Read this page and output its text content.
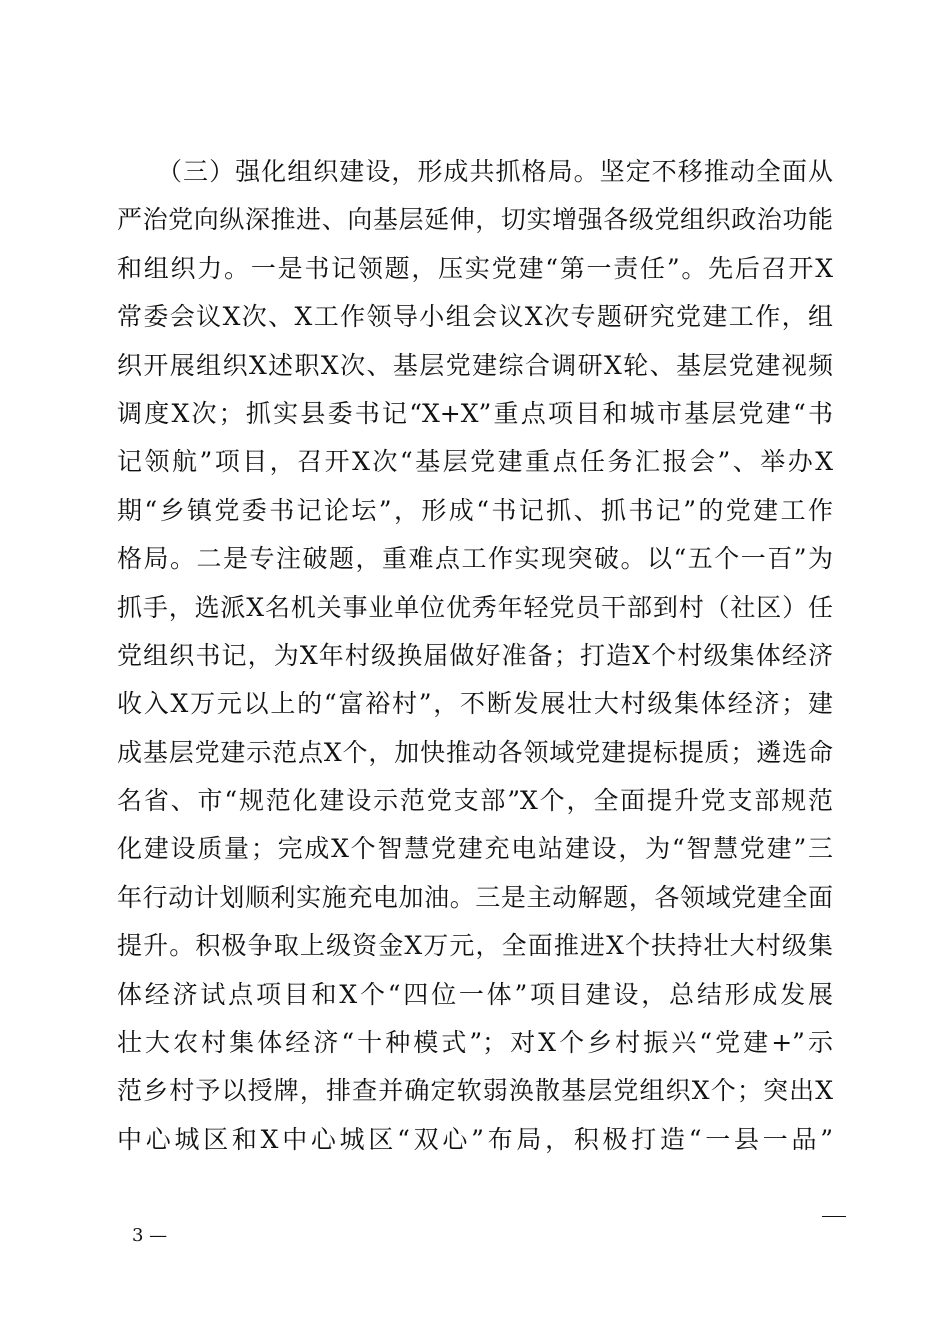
（三）强化组织建设，形成共抓格局。坚定不移推动全面从
严治党向纵深推进、向基层延伸，切实增强各级党组织政治功能
和组织力。一是书记领题，压实党建“第一责任”。先后召开X
常委会议X次、X工作领导小组会议X次专题研究党建工作，组
织开展组织X述职X次、基层党建综合调研X轮、基层党建视频
调度X次；抓实县委书记“X+X”重点项目和城市基层党建“书
记领航”项目，召开X次“基层党建重点任务汇报会”、举办X
期“乡镇党委书记论坛”，形成“书记抓、抓书记”的党建工作
格局。二是专注破题，重难点工作实现突破。以“五个一百”为
抓手，选派X名机关事业单位优秀年轻党员干部到村（社区）任
党组织书记，为X年村级换届做好准备；打造X个村级集体经济
收入X万元以上的“富裕村”，不断发展壮大村级集体经济；建
成基层党建示范点X个，加快推动各领域党建提标提质；遴选命
名省、市“规范化建设示范党支部”X个，全面提升党支部规范
化建设质量；完成X个智慧党建充电站建设，为“智慧党建”三
年行动计划顺利实施充电加油。三是主动解题，各领域党建全面
提升。积极争取上级资金X万元，全面推进X个扶持壮大村级集
体经济试点项目和X个“四位一体”项目建设，总结形成发展
壮大农村集体经济“十种模式”；对X个乡村振兴“党建+”示
范乡村予以授牌，排查并确定软弱涣散基层党组织X个；突出X
中心城区和X中心城区“双心”布局，积极打造“一县一品”
3 —
